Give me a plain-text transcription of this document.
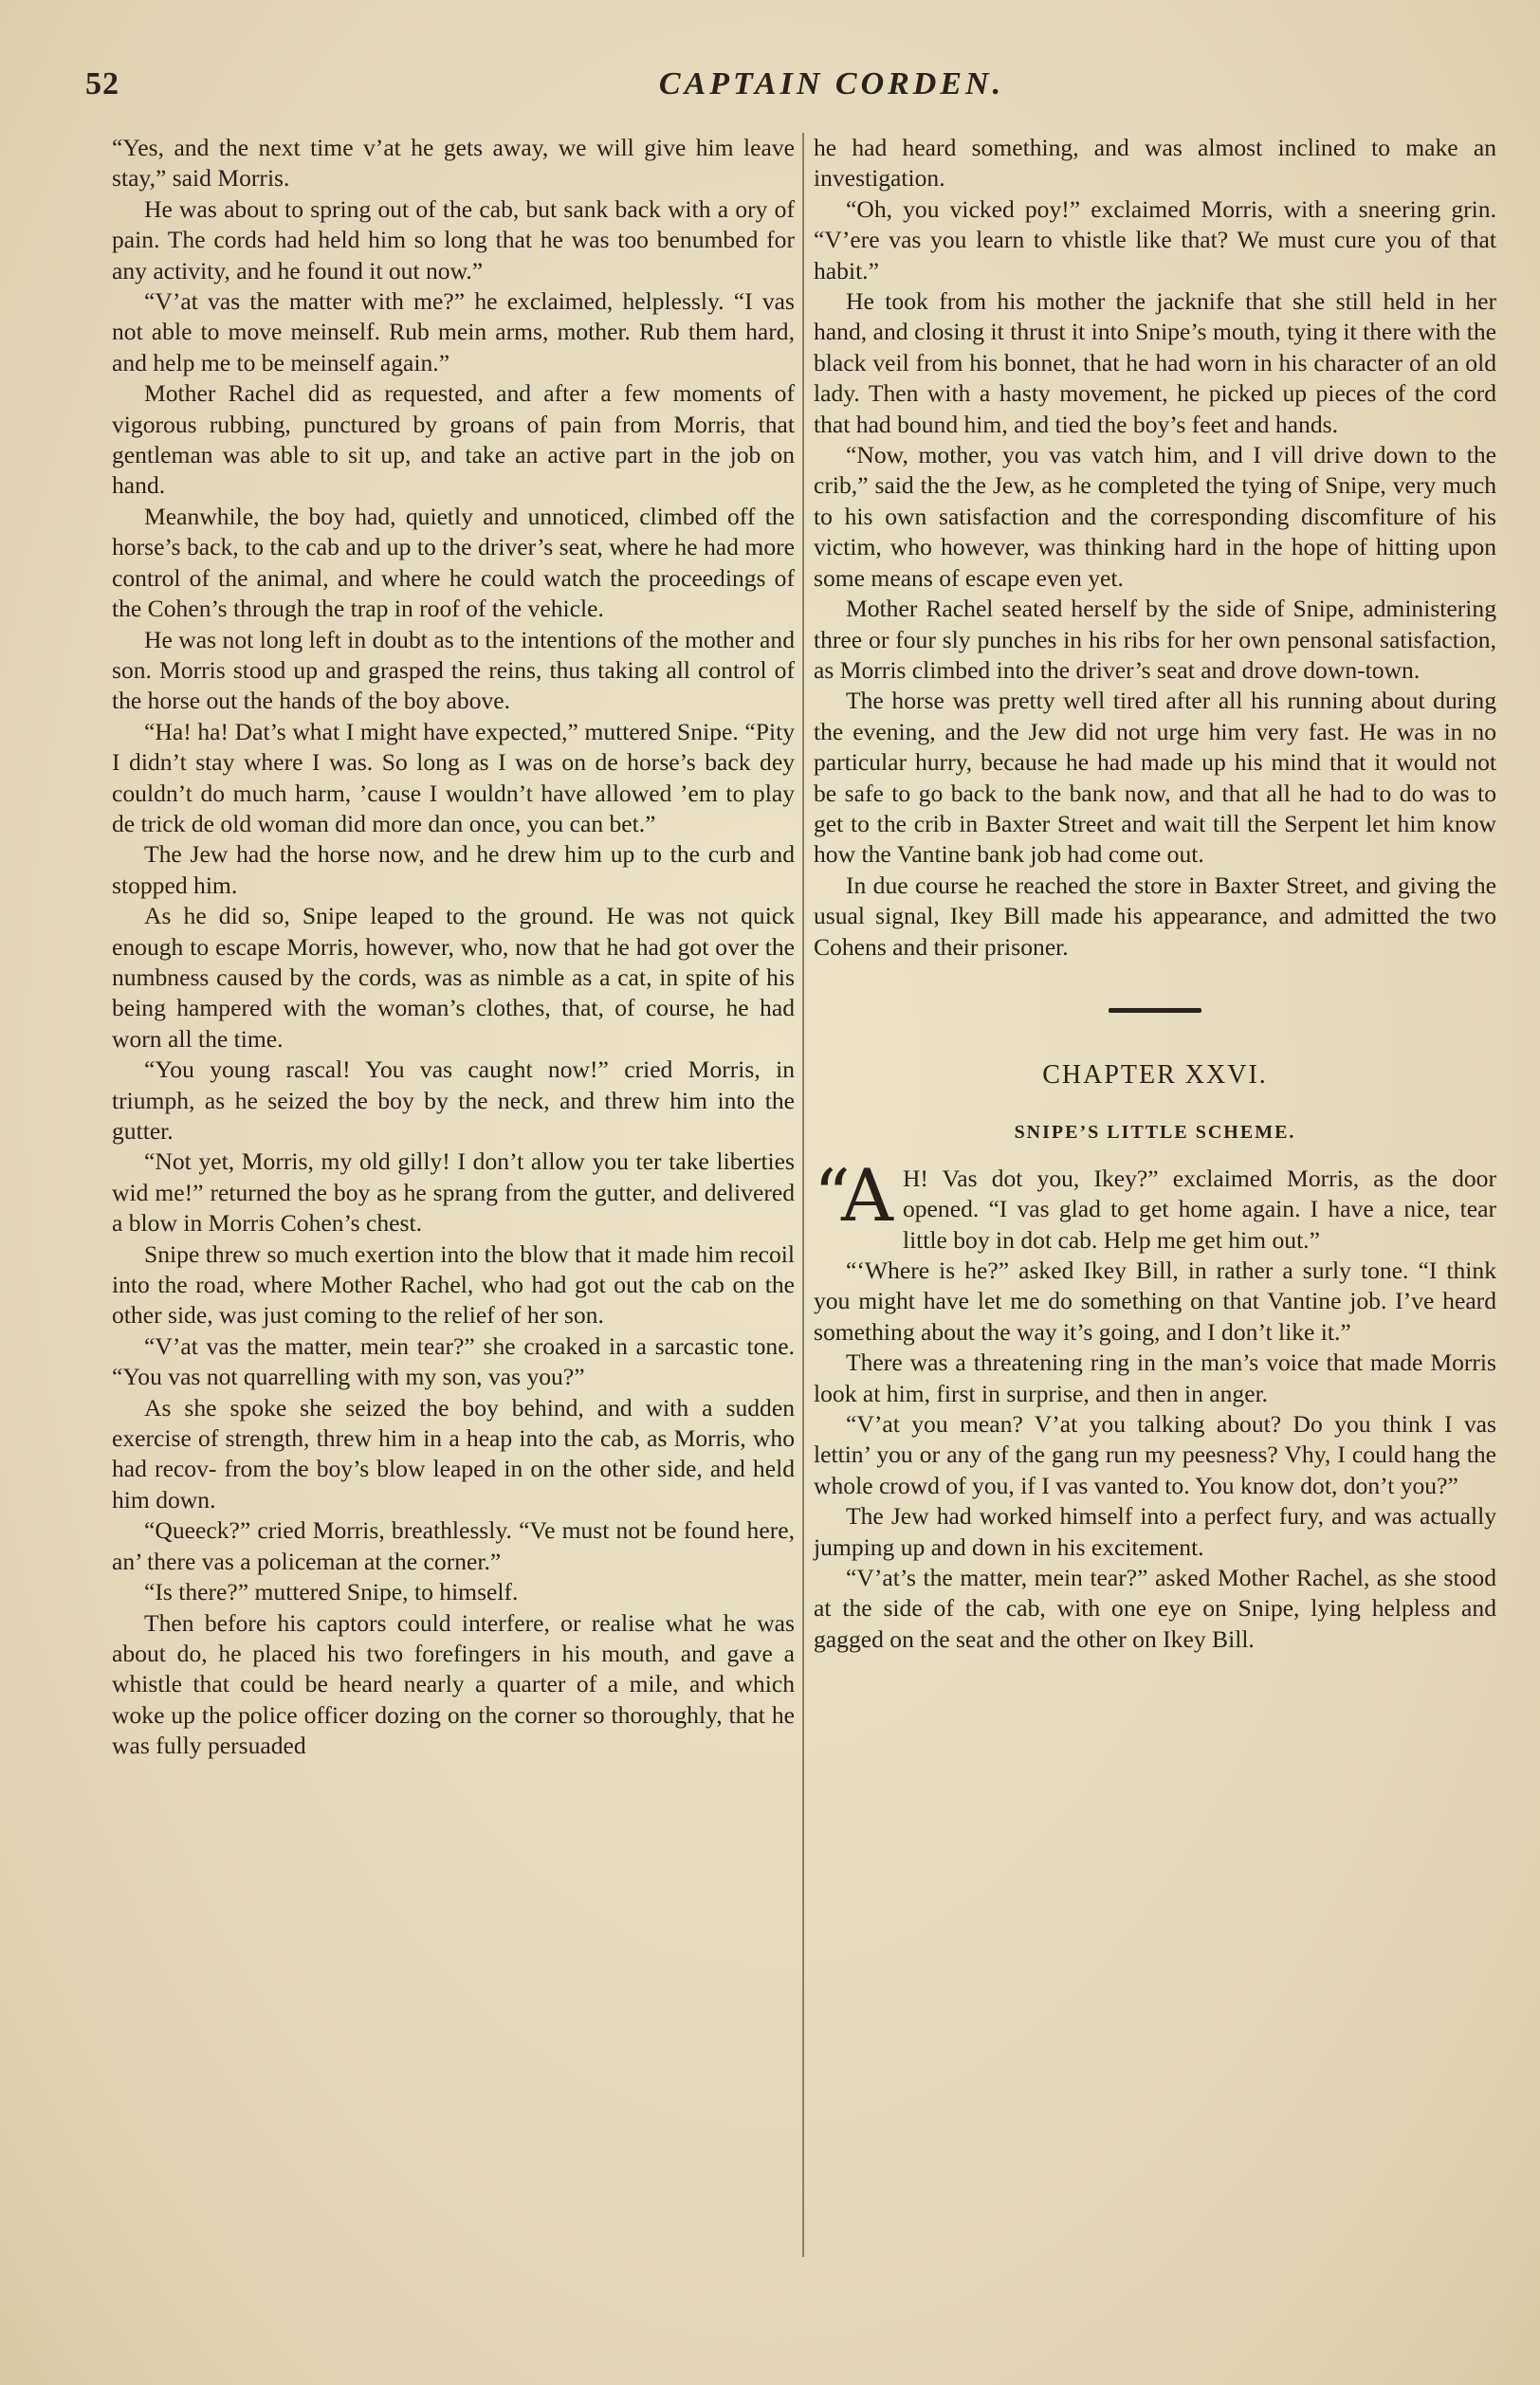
52	CAPTAIN CORDEN.

“Yes, and the next time v’at he gets away, we will give him leave stay,” said Morris.

He was about to spring out of the cab, but sank back with a ory of pain. The cords had held him so long that he was too benumbed for any activity, and he found it out now.”

“V’at vas the matter with me?” he exclaimed, helplessly. “I vas not able to move meinself. Rub mein arms, mother. Rub them hard, and help me to be meinself again.”

Mother Rachel did as requested, and after a few moments of vigorous rubbing, punctured by groans of pain from Morris, that gentleman was able to sit up, and take an active part in the job on hand.

Meanwhile, the boy had, quietly and unnoticed, climbed off the horse’s back, to the cab and up to the driver’s seat, where he had more control of the animal, and where he could watch the proceedings of the Cohen’s through the trap in roof of the vehicle.

He was not long left in doubt as to the intentions of the mother and son. Morris stood up and grasped the reins, thus taking all control of the horse out the hands of the boy above.

“Ha! ha! Dat’s what I might have expected,” muttered Snipe. “Pity I didn’t stay where I was. So long as I was on de horse’s back dey couldn’t do much harm, ’cause I wouldn’t have allowed ’em to play de trick de old woman did more dan once, you can bet.”

The Jew had the horse now, and he drew him up to the curb and stopped him.

As he did so, Snipe leaped to the ground. He was not quick enough to escape Morris, however, who, now that he had got over the numbness caused by the cords, was as nimble as a cat, in spite of his being hampered with the woman’s clothes, that, of course, he had worn all the time.

“You young rascal! You vas caught now!” cried Morris, in triumph, as he seized the boy by the neck, and threw him into the gutter.

“Not yet, Morris, my old gilly! I don’t allow you ter take liberties wid me!” returned the boy as he sprang from the gutter, and delivered a blow in Morris Cohen’s chest.

Snipe threw so much exertion into the blow that it made him recoil into the road, where Mother Rachel, who had got out the cab on the other side, was just coming to the relief of her son.

“V’at vas the matter, mein tear?” she croaked in a sarcastic tone. “You vas not quarrelling with my son, vas you?”

As she spoke she seized the boy behind, and with a sudden exercise of strength, threw him in a heap into the cab, as Morris, who had recov- from the boy’s blow leaped in on the other side, and held him down.

“Queeck?” cried Morris, breathlessly. “Ve must not be found here, an’ there vas a policeman at the corner.”

“Is there?” muttered Snipe, to himself.

Then before his captors could interfere, or realise what he was about do, he placed his two forefingers in his mouth, and gave a whistle that could be heard nearly a quarter of a mile, and which woke up the police officer dozing on the corner so thoroughly, that he was fully persuaded

he had heard something, and was almost inclined to make an investigation.

“Oh, you vicked poy!” exclaimed Morris, with a sneering grin. “V’ere vas you learn to vhistle like that? We must cure you of that habit.”

He took from his mother the jacknife that she still held in her hand, and closing it thrust it into Snipe’s mouth, tying it there with the black veil from his bonnet, that he had worn in his character of an old lady. Then with a hasty movement, he picked up pieces of the cord that had bound him, and tied the boy’s feet and hands.

“Now, mother, you vas vatch him, and I vill drive down to the crib,” said the the Jew, as he completed the tying of Snipe, very much to his own satisfaction and the corresponding discomfiture of his victim, who however, was thinking hard in the hope of hitting upon some means of escape even yet.

Mother Rachel seated herself by the side of Snipe, administering three or four sly punches in his ribs for her own pensonal satisfaction, as Morris climbed into the driver’s seat and drove down-town.

The horse was pretty well tired after all his running about during the evening, and the Jew did not urge him very fast. He was in no particular hurry, because he had made up his mind that it would not be safe to go back to the bank now, and that all he had to do was to get to the crib in Baxter Street and wait till the Serpent let him know how the Vantine bank job had come out.

In due course he reached the store in Baxter Street, and giving the usual signal, Ikey Bill made his appearance, and admitted the two Cohens and their prisoner.

CHAPTER XXVI.
SNIPE’S LITTLE SCHEME.
“A H! Vas dot you, Ikey?” exclaimed Morris, as the door opened. “I vas glad to get home again. I have a nice, tear little boy in dot cab. Help me get him out.”

“‘Where is he?” asked Ikey Bill, in rather a surly tone. “I think you might have let me do something on that Vantine job. I’ve heard something about the way it’s going, and I don’t like it.”

There was a threatening ring in the man’s voice that made Morris look at him, first in surprise, and then in anger.

“V’at you mean? V’at you talking about? Do you think I vas lettin’ you or any of the gang run my peesness? Vhy, I could hang the whole crowd of you, if I vas vanted to. You know dot, don’t you?”

The Jew had worked himself into a perfect fury, and was actually jumping up and down in his excitement.

“V’at’s the matter, mein tear?” asked Mother Rachel, as she stood at the side of the cab, with one eye on Snipe, lying helpless and gagged on the seat and the other on Ikey Bill.
